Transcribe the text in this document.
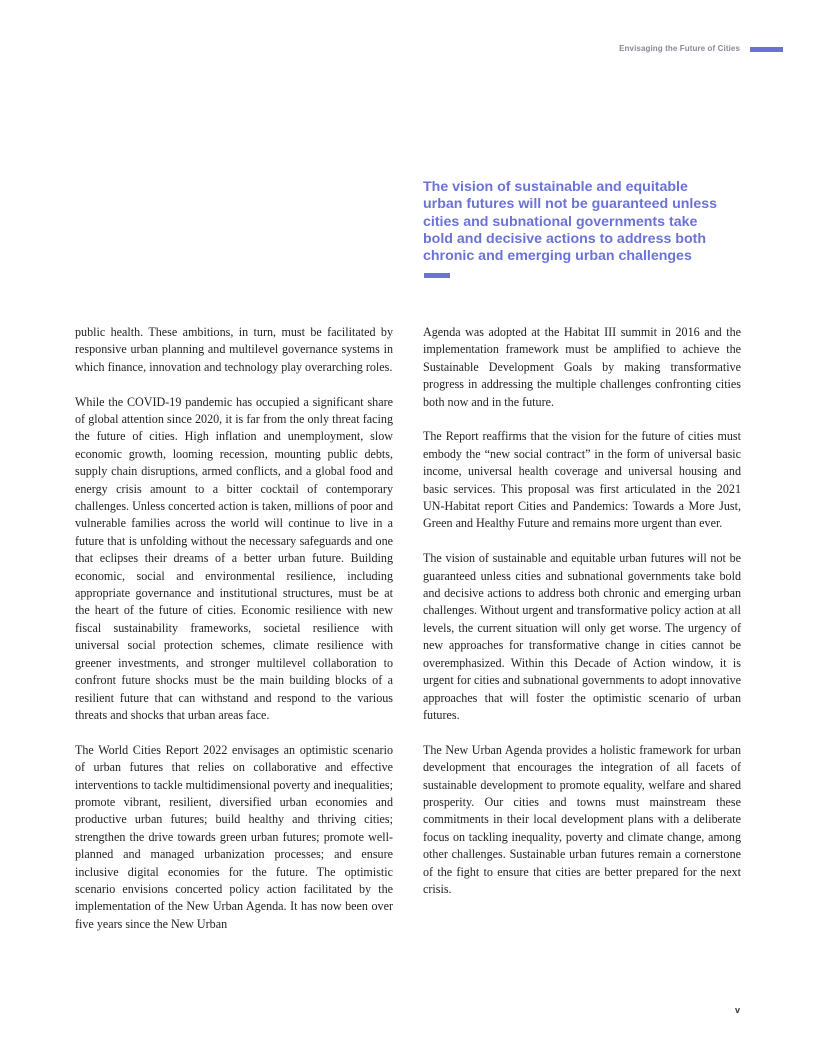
Envisaging the Future of Cities
The vision of sustainable and equitable urban futures will not be guaranteed unless cities and subnational governments take bold and decisive actions to address both chronic and emerging urban challenges

public health. These ambitions, in turn, must be facilitated by responsive urban planning and multilevel governance systems in which finance, innovation and technology play overarching roles.

While the COVID-19 pandemic has occupied a significant share of global attention since 2020, it is far from the only threat facing the future of cities. High inflation and unemployment, slow economic growth, looming recession, mounting public debts, supply chain disruptions, armed conflicts, and a global food and energy crisis amount to a bitter cocktail of contemporary challenges. Unless concerted action is taken, millions of poor and vulnerable families across the world will continue to live in a future that is unfolding without the necessary safeguards and one that eclipses their dreams of a better urban future. Building economic, social and environmental resilience, including appropriate governance and institutional structures, must be at the heart of the future of cities. Economic resilience with new fiscal sustainability frameworks, societal resilience with universal social protection schemes, climate resilience with greener investments, and stronger multilevel collaboration to confront future shocks must be the main building blocks of a resilient future that can withstand and respond to the various threats and shocks that urban areas face.

The World Cities Report 2022 envisages an optimistic scenario of urban futures that relies on collaborative and effective interventions to tackle multidimensional poverty and inequalities; promote vibrant, resilient, diversified urban economies and productive urban futures; build healthy and thriving cities; strengthen the drive towards green urban futures; promote well-planned and managed urbanization processes; and ensure inclusive digital economies for the future. The optimistic scenario envisions concerted policy action facilitated by the implementation of the New Urban Agenda. It has now been over five years since the New Urban

Agenda was adopted at the Habitat III summit in 2016 and the implementation framework must be amplified to achieve the Sustainable Development Goals by making transformative progress in addressing the multiple challenges confronting cities both now and in the future.

The Report reaffirms that the vision for the future of cities must embody the “new social contract” in the form of universal basic income, universal health coverage and universal housing and basic services. This proposal was first articulated in the 2021 UN-Habitat report Cities and Pandemics: Towards a More Just, Green and Healthy Future and remains more urgent than ever.

The vision of sustainable and equitable urban futures will not be guaranteed unless cities and subnational governments take bold and decisive actions to address both chronic and emerging urban challenges. Without urgent and transformative policy action at all levels, the current situation will only get worse. The urgency of new approaches for transformative change in cities cannot be overemphasized. Within this Decade of Action window, it is urgent for cities and subnational governments to adopt innovative approaches that will foster the optimistic scenario of urban futures.

The New Urban Agenda provides a holistic framework for urban development that encourages the integration of all facets of sustainable development to promote equality, welfare and shared prosperity. Our cities and towns must mainstream these commitments in their local development plans with a deliberate focus on tackling inequality, poverty and climate change, among other challenges. Sustainable urban futures remain a cornerstone of the fight to ensure that cities are better prepared for the next crisis.

v
